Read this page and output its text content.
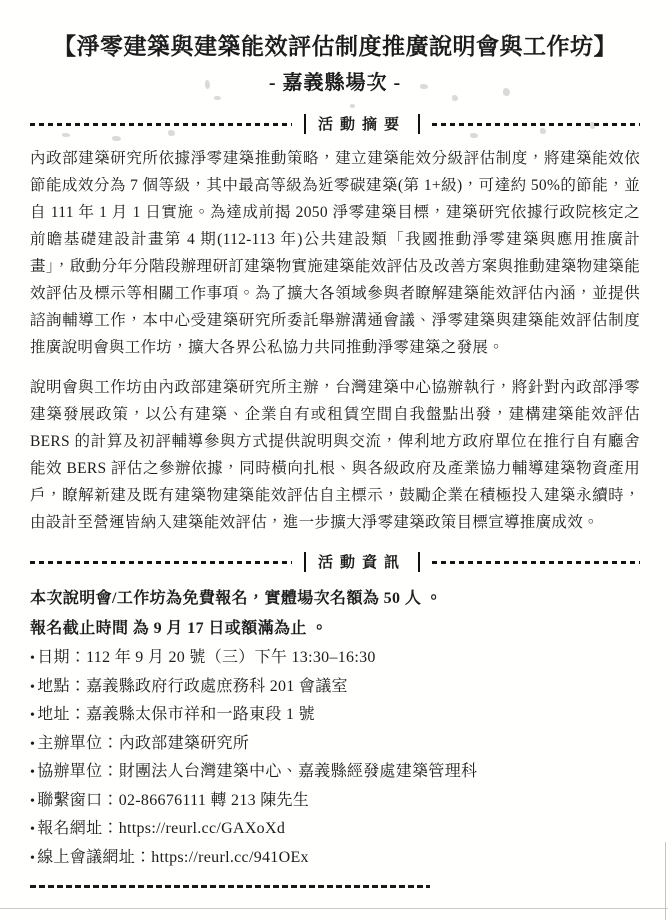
【淨零建築與建築能效評估制度推廣說明會與工作坊】
- 嘉義縣場次 -
活動摘要

內政部建築研究所依據淨零建築推動策略，建立建築能效分級評估制度，將建築能效依節能成效分為 7 個等級，其中最高等級為近零碳建築(第 1+級)，可達約 50%的節能，並自 111 年 1 月 1 日實施。為達成前揭 2050 淨零建築目標，建築研究依據行政院核定之前瞻基礎建設計畫第 4 期(112-113 年)公共建設類「我國推動淨零建築與應用推廣計畫」，啟動分年分階段辦理研訂建築物實施建築能效評估及改善方案與推動建築物建築能效評估及標示等相關工作事項。為了擴大各領域參與者瞭解建築能效評估內涵，並提供諮詢輔導工作，本中心受建築研究所委託舉辦溝通會議、淨零建築與建築能效評估制度推廣說明會與工作坊，擴大各界公私協力共同推動淨零建築之發展。

說明會與工作坊由內政部建築研究所主辦，台灣建築中心協辦執行，將針對內政部淨零建築發展政策，以公有建築、企業自有或租賃空間自我盤點出發，建構建築能效評估 BERS 的計算及初評輔導參與方式提供說明與交流，俾利地方政府單位在推行自有廳舍能效 BERS 評估之參辦依據，同時橫向扎根、與各級政府及產業協力輔導建築物資產用戶，瞭解新建及既有建築物建築能效評估自主標示，鼓勵企業在積極投入建築永續時，由設計至營運皆納入建築能效評估，進一步擴大淨零建築政策目標宣導推廣成效。

活動資訊
本次說明會/工作坊為免費報名，實體場次名額為 50 人 。
報名截止時間 為 9 月 17 日或額滿為止 。
• 日期：112 年 9 月 20 號（三）下午 13:30–16:30
• 地點：嘉義縣政府行政處庶務科 201 會議室
• 地址：嘉義縣太保市祥和一路東段 1 號
• 主辦單位：內政部建築研究所
• 協辦單位：財團法人台灣建築中心、嘉義縣經發處建築管理科
• 聯繫窗口：02-86676111 轉 213 陳先生
• 報名網址：https://reurl.cc/GAXoXd
• 線上會議網址：https://reurl.cc/941OEx
